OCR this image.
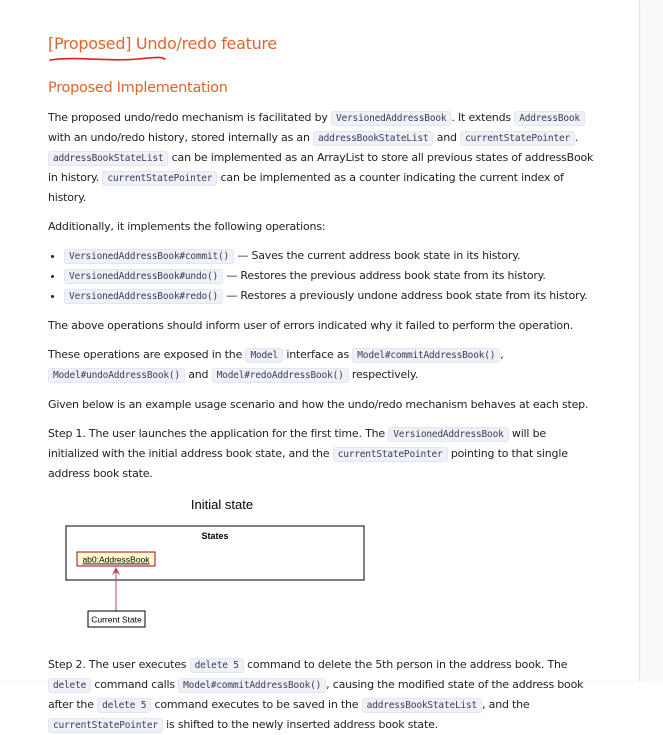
[Proposed] Undo/redo feature
Proposed Implementation

The proposed undo/redo mechanism is facilitated by VersionedAddressBook . It extends AddressBook with an undo/redo history, stored internally as an addressBookStateList and currentStatePointer . addressBookStateList can be implemented as an ArrayList to store all previous states of addressBook in history. currentStatePointer can be implemented as a counter indicating the current index of history.

Additionally, it implements the following operations:

• VersionedAddressBook#commit() — Saves the current address book state in its history.
• VersionedAddressBook#undo() — Restores the previous address book state from its history.
• VersionedAddressBook#redo() — Restores a previously undone address book state from its history.

The above operations should inform user of errors indicated why it failed to perform the operation.

These operations are exposed in the Model interface as Model#commitAddressBook() , Model#undoAddressBook() and Model#redoAddressBook() respectively.

Given below is an example usage scenario and how the undo/redo mechanism behaves at each step.

Step 1. The user launches the application for the first time. The VersionedAddressBook will be initialized with the initial address book state, and the currentStatePointer pointing to that single address book state.

Initial state
States
ab0:AddressBook
Current State

Step 2. The user executes delete 5 command to delete the 5th person in the address book. The delete command calls Model#commitAddressBook() , causing the modified state of the address book after the delete 5 command executes to be saved in the addressBookStateList , and the currentStatePointer is shifted to the newly inserted address book state.
